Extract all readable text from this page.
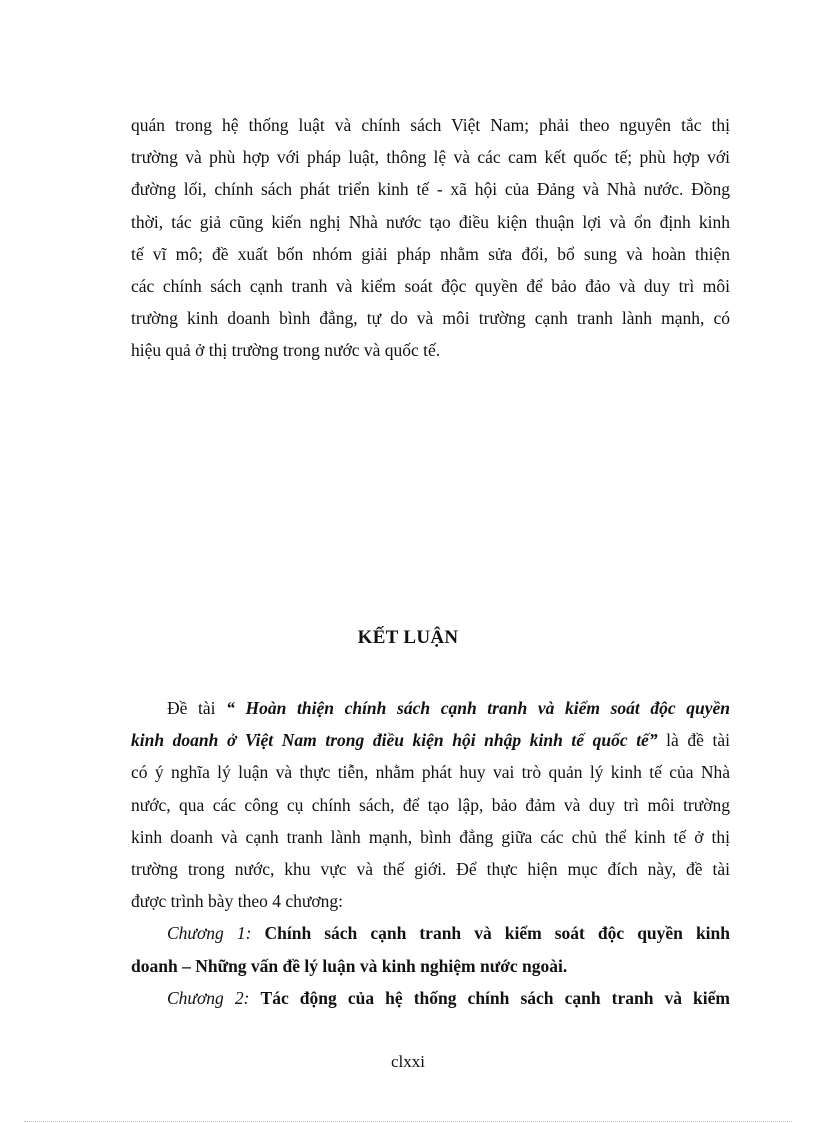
quán trong hệ thống luật và chính sách Việt Nam; phải theo nguyên tắc thị
trường và phù hợp với pháp luật, thông lệ và các cam kết quốc tế; phù hợp với
đường lối, chính sách phát triển kinh tế - xã hội của Đảng và Nhà nước. Đồng
thời, tác giả cũng kiến nghị Nhà nước tạo điều kiện thuận lợi và ổn định kinh
tế vĩ mô; đề xuất bốn nhóm giải pháp nhằm sửa đổi, bổ sung và hoàn thiện
các chính sách cạnh tranh và kiểm soát độc quyền để bảo đảo và duy trì môi
trường kinh doanh bình đẳng, tự do và môi trường cạnh tranh lành mạnh, có
hiệu quả ở thị trường trong nước và quốc tế.
KẾT LUẬN
Đề tài “ Hoàn thiện chính sách cạnh tranh và kiểm soát độc quyền
kinh doanh ở Việt Nam trong điều kiện hội nhập kinh tế quốc tế” là đề tài
có ý nghĩa lý luận và thực tiễn, nhằm phát huy vai trò quản lý kinh tế của Nhà
nước, qua các công cụ chính sách, để tạo lập, bảo đảm và duy trì môi trường
kinh doanh và cạnh tranh lành mạnh, bình đẳng giữa các chủ thể kinh tế ở thị
trường trong nước, khu vực và thế giới. Để thực hiện mục đích này, đề tài
được trình bày theo 4 chương:
Chương 1: Chính sách cạnh tranh và kiểm soát độc quyền kinh
doanh – Những vấn đề lý luận và kinh nghiệm nước ngoài.
Chương 2: Tác động của hệ thống chính sách cạnh tranh và kiểm
clxxi
